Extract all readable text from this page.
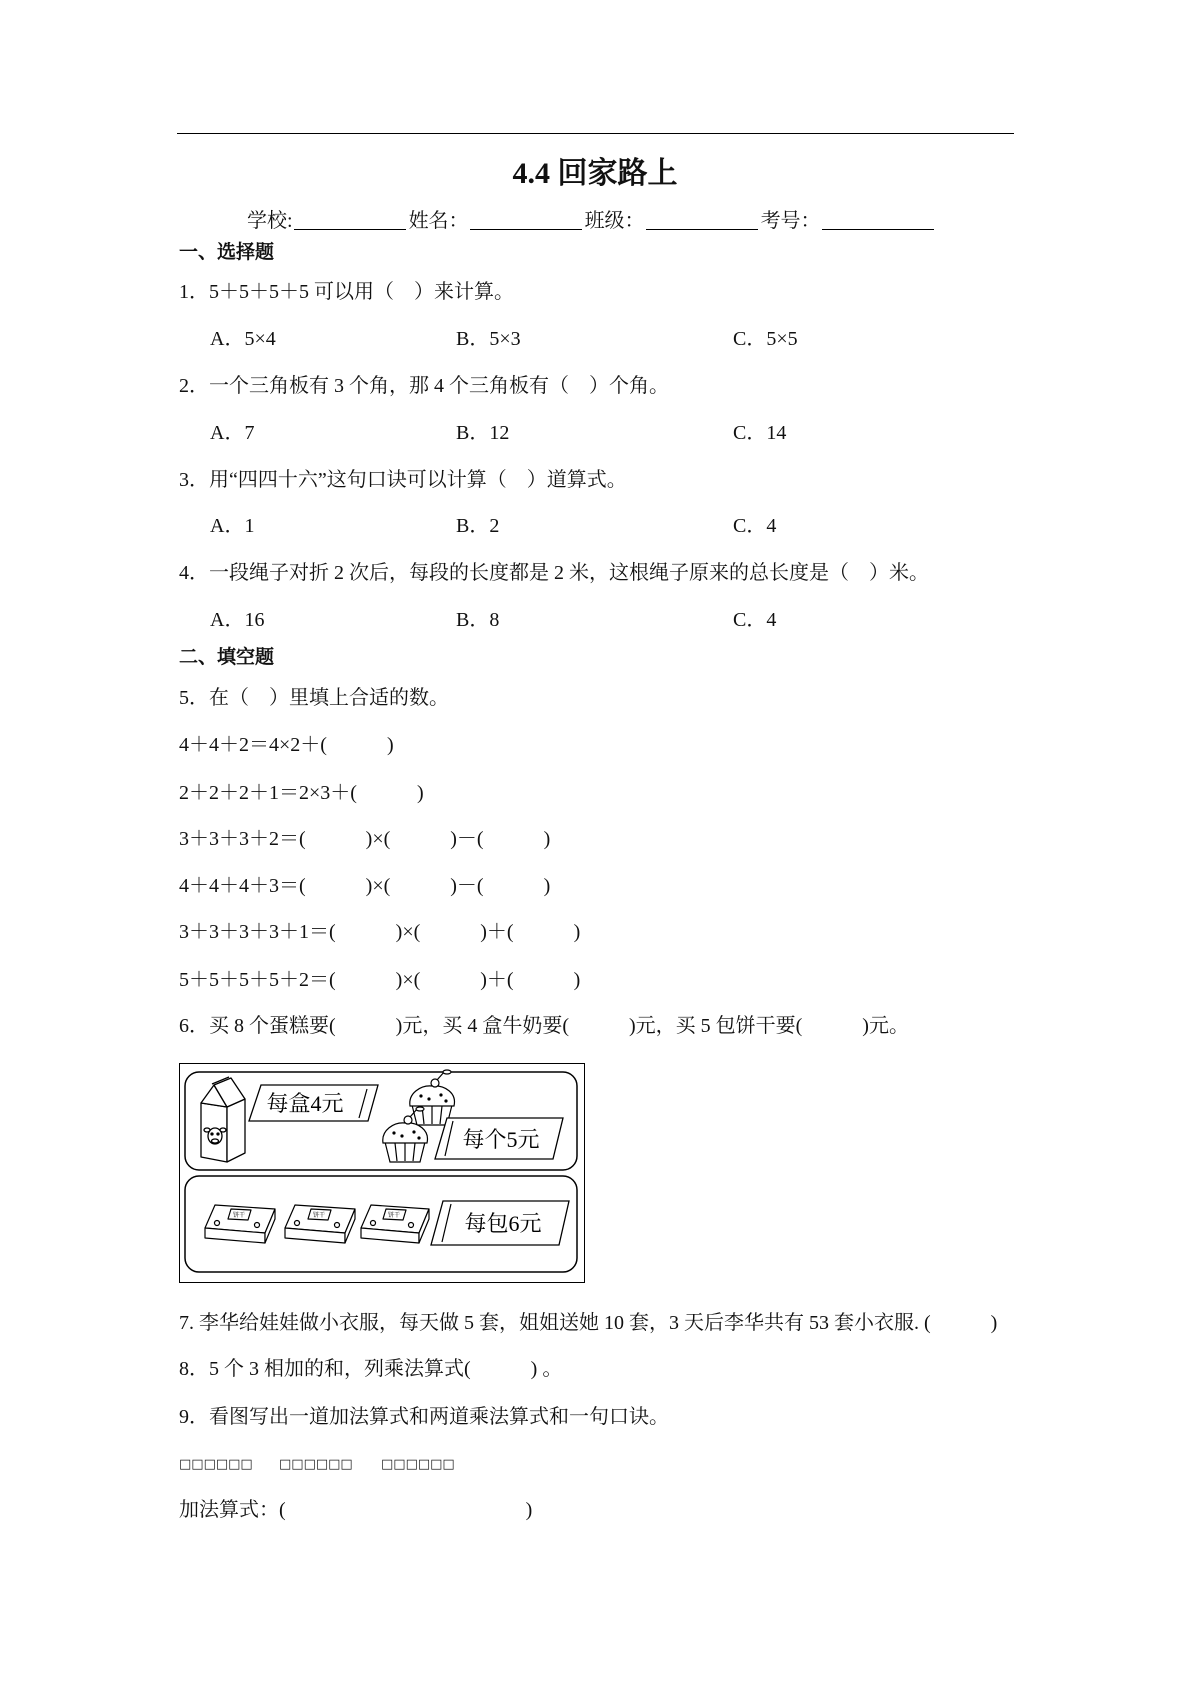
4.4 回家路上
学校:	姓名：	班级：	考号：
一、选择题
1．5＋5＋5＋5 可以用（　）来计算。
A．5×4	B．5×3	C．5×5
2．一个三角板有 3 个角，那 4 个三角板有（　）个角。
A．7	B．12	C．14
3．用“四四十六”这句口诀可以计算（　）道算式。
A．1	B．2	C．4
4．一段绳子对折 2 次后，每段的长度都是 2 米，这根绳子原来的总长度是（　）米。
A．16	B．8	C．4
二、填空题
5．在（　）里填上合适的数。
4＋4＋2＝4×2＋(　　　)
2＋2＋2＋1＝2×3＋(　　　)
3＋3＋3＋2＝(　　　)×(　　　)－(　　　)
4＋4＋4＋3＝(　　　)×(　　　)－(　　　)
3＋3＋3＋3＋1＝(　　　)×(　　　)＋(　　　)
5＋5＋5＋5＋2＝(　　　)×(　　　)＋(　　　)
6．买 8 个蛋糕要(　　　)元，买 4 盒牛奶要(　　　)元，买 5 包饼干要(　　　)元。
每盒4元
每个5元
饼干	饼干	饼干	每包6元
7. 李华给娃娃做小衣服，每天做 5 套，姐姐送她 10 套，3 天后李华共有 53 套小衣服. (　　　)
8．5 个 3 相加的和，列乘法算式(　　　) 。
9．看图写出一道加法算式和两道乘法算式和一句口诀。
□□□□□□ □□□□□□ □□□□□□
加法算式：(　　　　　　　　　　　　)
